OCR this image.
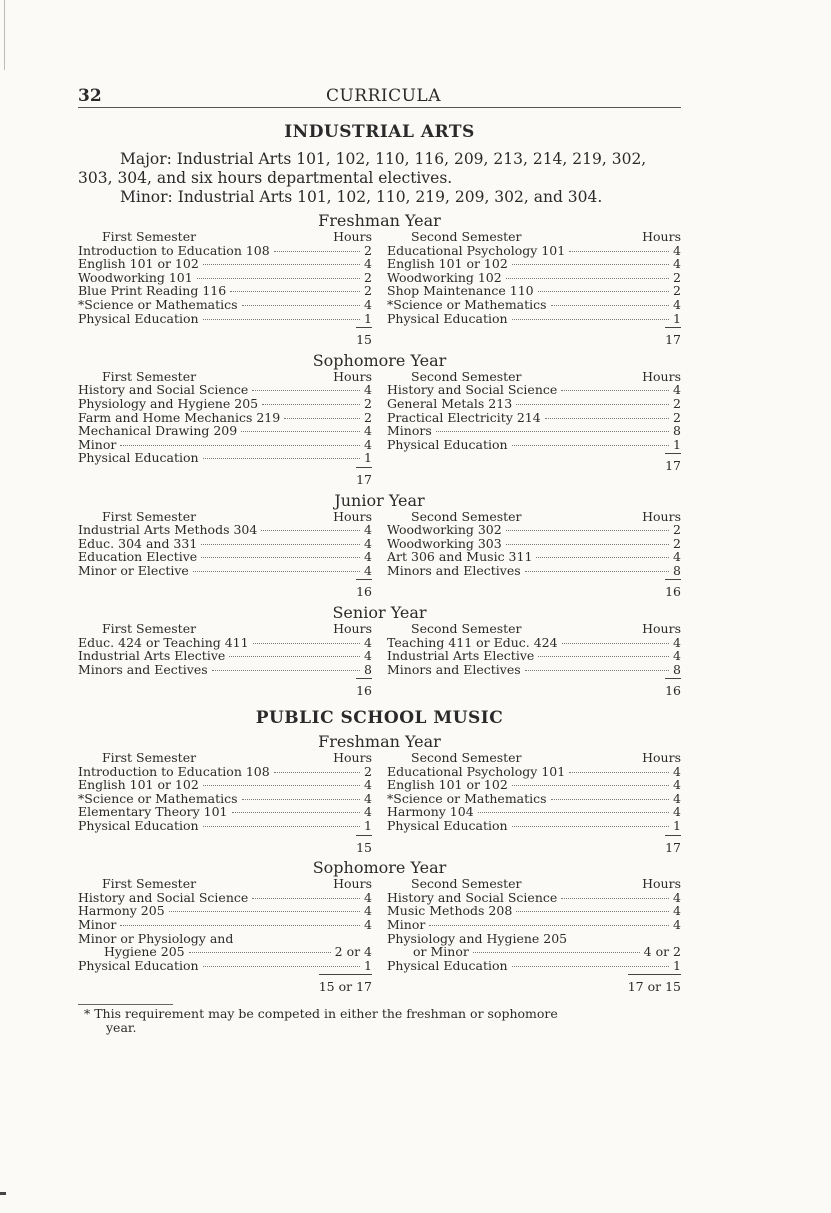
32	CURRICULA
INDUSTRIAL ARTS
Major: Industrial Arts 101, 102, 110, 116, 209, 213, 214, 219, 302,
303, 304, and six hours departmental electives.
Minor: Industrial Arts 101, 102, 110, 219, 209, 302, and 304.
Freshman Year
First Semester	Hours
Introduction to Education 108	2
English 101 or 102	4
Woodworking 101	2
Blue Print Reading 116	2
*Science or Mathematics	4
Physical Education	1
15
Second Semester	Hours
Educational Psychology 101	4
English 101 or 102	4
Woodworking 102	2
Shop Maintenance 110	2
*Science or Mathematics	4
Physical Education	1
17
Sophomore Year
First Semester	Hours
History and Social Science	4
Physiology and Hygiene 205	2
Farm and Home Mechanics 219	2
Mechanical Drawing 209	4
Minor	4
Physical Education	1
17
Second Semester	Hours
History and Social Science	4
General Metals 213	2
Practical Electricity 214	2
Minors	8
Physical Education	1
17
Junior Year
First Semester	Hours
Industrial Arts Methods 304	4
Educ. 304 and 331	4
Education Elective	4
Minor or Elective	4
16
Second Semester	Hours
Woodworking 302	2
Woodworking 303	2
Art 306 and Music 311	4
Minors and Electives	8
16
Senior Year
First Semester	Hours
Educ. 424 or Teaching 411	4
Industrial Arts Elective	4
Minors and Eectives	8
16
Second Semester	Hours
Teaching 411 or Educ. 424	4
Industrial Arts Elective	4
Minors and Electives	8
16
PUBLIC SCHOOL MUSIC
Freshman Year
First Semester	Hours
Introduction to Education 108	2
English 101 or 102	4
*Science or Mathematics	4
Elementary Theory 101	4
Physical Education	1
15
Second Semester	Hours
Educational Psychology 101	4
English 101 or 102	4
*Science or Mathematics	4
Harmony 104	4
Physical Education	1
17
Sophomore Year
First Semester	Hours
History and Social Science	4
Harmony 205	4
Minor	4
Minor or Physiology and
Hygiene 205	2 or 4
Physical Education	1
15 or 17
Second Semester	Hours
History and Social Science	4
Music Methods 208	4
Minor	4
Physiology and Hygiene 205
or Minor	4 or 2
Physical Education	1
17 or 15
* This requirement may be competed in either the freshman or sophomore
year.
